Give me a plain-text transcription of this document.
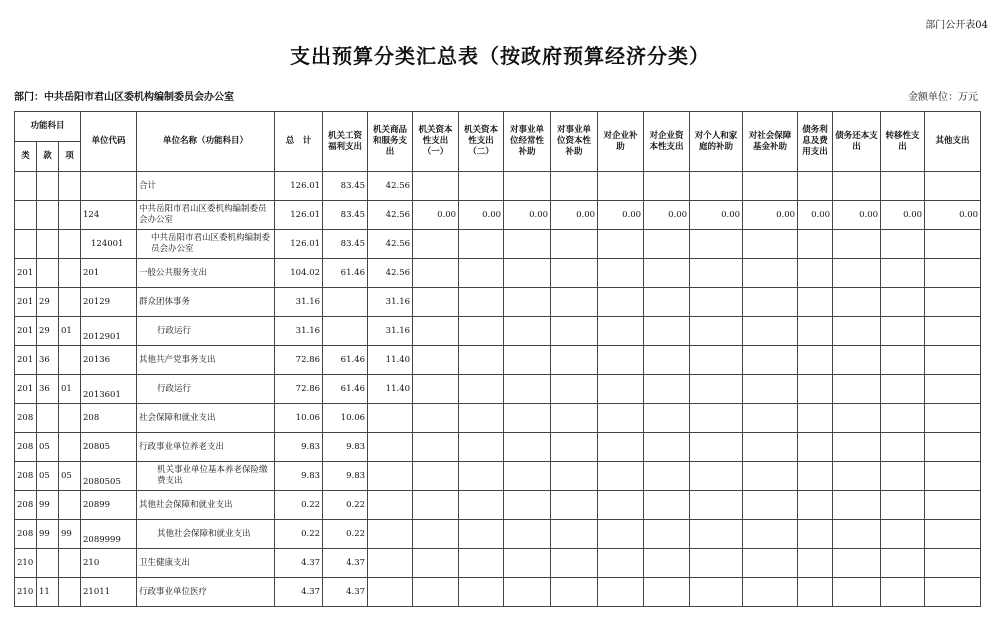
部门公开表04
支出预算分类汇总表（按政府预算经济分类）
部门：中共岳阳市君山区委机构编制委员会办公室	金额单位：万元
功能科目			单位代码	单位名称（功能科目）	总　计	机关工资福利支出	机关商品和服务支出	机关资本性支出（一）	机关资本性支出（二）	对事业单位经常性补助	对事业单位资本性补助	对企业补助	对企业资本性支出	对个人和家庭的补助	对社会保障基金补助	债务利息及费用支出	债务还本支出	转移性支出	其他支出
类	款	项																	
				合计	126.01	83.45	42.56												
			124	中共岳阳市君山区委机构编制委员会办公室	126.01	83.45	42.56	0.00	0.00	0.00	0.00	0.00	0.00	0.00	0.00	0.00	0.00	0.00	0.00
			124001	中共岳阳市君山区委机构编制委员会办公室	126.01	83.45	42.56												
201			201	一般公共服务支出	104.02	61.46	42.56												
201	29		20129	群众团体事务	31.16		31.16												
201	29	01	2012901	行政运行	31.16		31.16												
201	36		20136	其他共产党事务支出	72.86	61.46	11.40												
201	36	01	2013601	行政运行	72.86	61.46	11.40												
208			208	社会保障和就业支出	10.06	10.06													
208	05		20805	行政事业单位养老支出	9.83	9.83													
208	05	05	2080505	机关事业单位基本养老保险缴费支出	9.83	9.83													
208	99		20899	其他社会保障和就业支出	0.22	0.22													
208	99	99	2089999	其他社会保障和就业支出	0.22	0.22													
210			210	卫生健康支出	4.37	4.37													
210	11		21011	行政事业单位医疗	4.37	4.37													
